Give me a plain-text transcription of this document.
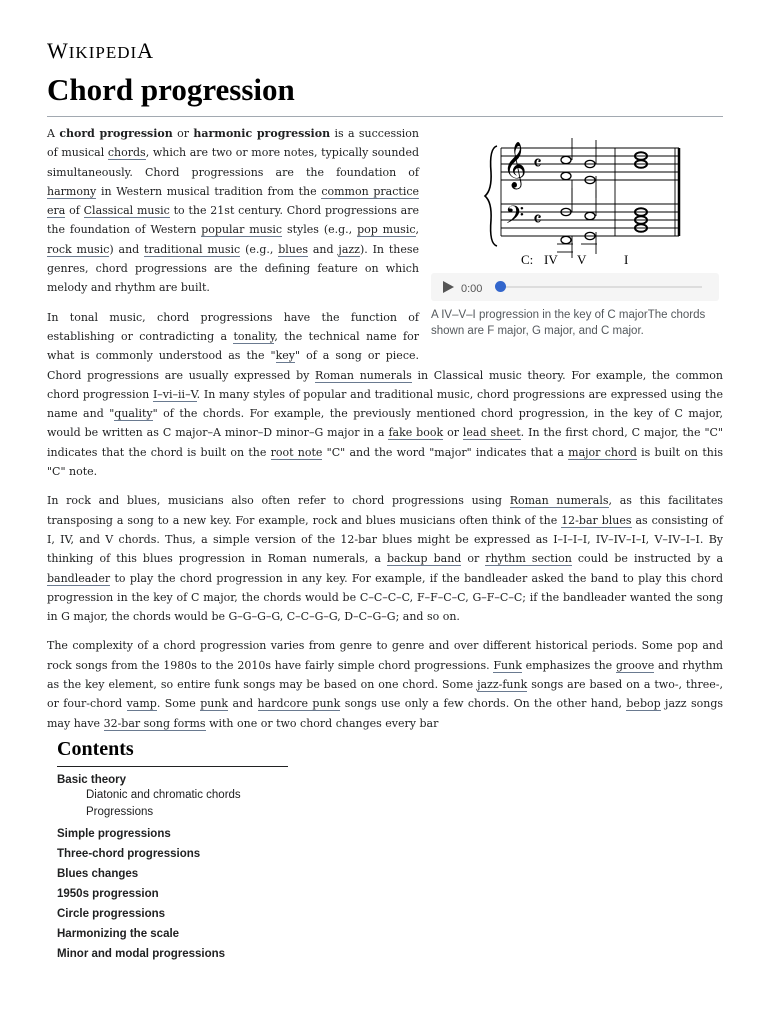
WIKIPEDIA
Chord progression
𝄞
𝄢
𝄴
𝄴
C: IV V	I
0:00
A IV–V–I progression in the key of C majorThe chords shown are F major, G major, and C major.

A chord progression or harmonic progression is a succession of musical chords, which are two or more notes, typically sounded simultaneously. Chord progressions are the foundation of harmony in Western musical tradition from the common practice era of Classical music to the 21st century. Chord progressions are the foundation of Western popular music styles (e.g., pop music, rock music) and traditional music (e.g., blues and jazz). In these genres, chord progressions are the defining feature on which melody and rhythm are built.

In tonal music, chord progressions have the function of establishing or contradicting a tonality, the technical name for what is commonly understood as the "key" of a song or piece. Chord progressions are usually expressed by Roman numerals in Classical music theory. For example, the common chord progression I–vi–ii–V. In many styles of popular and traditional music, chord progressions are expressed using the name and "quality" of the chords. For example, the previously mentioned chord progression, in the key of C major, would be written as C major–A minor–D minor–G major in a fake book or lead sheet. In the first chord, C major, the "C" indicates that the chord is built on the root note "C" and the word "major" indicates that a major chord is built on this "C" note.

In rock and blues, musicians also often refer to chord progressions using Roman numerals, as this facilitates transposing a song to a new key. For example, rock and blues musicians often think of the 12-bar blues as consisting of I, IV, and V chords. Thus, a simple version of the 12-bar blues might be expressed as I–I–I–I, IV–IV–I–I, V–IV–I–I. By thinking of this blues progression in Roman numerals, a backup band or rhythm section could be instructed by a bandleader to play the chord progression in any key. For example, if the bandleader asked the band to play this chord progression in the key of C major, the chords would be C–C–C–C, F–F–C–C, G–F–C–C; if the bandleader wanted the song in G major, the chords would be G–G–G–G, C–C–G–G, D–C–G–G; and so on.

The complexity of a chord progression varies from genre to genre and over different historical periods. Some pop and rock songs from the 1980s to the 2010s have fairly simple chord progressions. Funk emphasizes the groove and rhythm as the key element, so entire funk songs may be based on one chord. Some jazz-funk songs are based on a two-, three-, or four-chord vamp. Some punk and hardcore punk songs use only a few chords. On the other hand, bebop jazz songs may have 32-bar song forms with one or two chord changes every bar

Contents
Basic theory
Diatonic and chromatic chords
Progressions
Simple progressions
Three-chord progressions
Blues changes
1950s progression
Circle progressions
Harmonizing the scale
Minor and modal progressions
